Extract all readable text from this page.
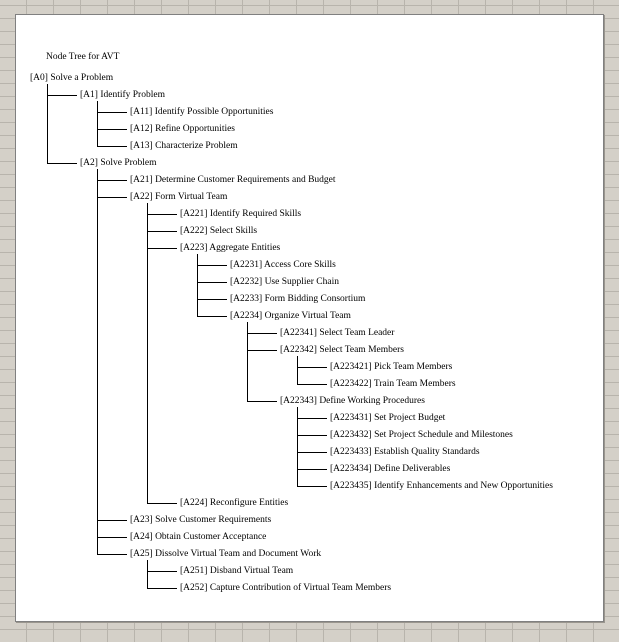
Node Tree for AVT
[A0] Solve a Problem
[A1] Identify Problem
[A11] Identify Possible Opportunities
[A12] Refine Opportunities
[A13] Characterize Problem
[A2] Solve Problem
[A21] Determine Customer Requirements and Budget
[A22] Form Virtual Team
[A221] Identify Required Skills
[A222] Select Skills
[A223] Aggregate Entities
[A2231] Access Core Skills
[A2232] Use Supplier Chain
[A2233] Form Bidding Consortium
[A2234] Organize Virtual Team
[A22341] Select Team Leader
[A22342] Select Team Members
[A223421] Pick Team Members
[A223422] Train Team Members
[A22343] Define Working Procedures
[A223431] Set Project Budget
[A223432] Set Project Schedule and Milestones
[A223433] Establish Quality Standards
[A223434] Define Deliverables
[A223435] Identify Enhancements and New Opportunities
[A224] Reconfigure Entities
[A23] Solve Customer Requirements
[A24] Obtain Customer Acceptance
[A25] Dissolve Virtual Team and Document Work
[A251] Disband Virtual Team
[A252] Capture Contribution of Virtual Team Members
